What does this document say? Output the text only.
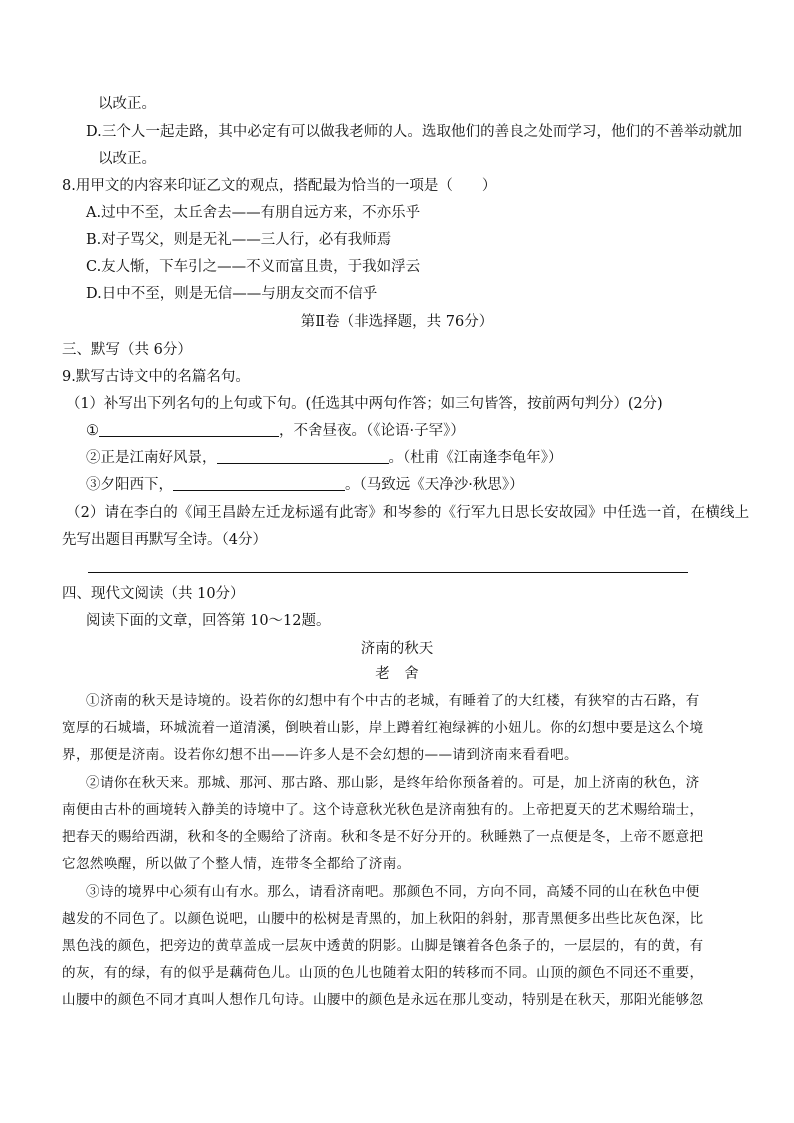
以改正。
D.三个人一起走路，其中必定有可以做我老师的人。选取他们的善良之处而学习，他们的不善举动就加
以改正。
8.用甲文的内容来印证乙文的观点，搭配最为恰当的一项是（　　）
A.过中不至，太丘舍去——有朋自远方来，不亦乐乎
B.对子骂父，则是无礼——三人行，必有我师焉
C.友人惭，下车引之——不义而富且贵，于我如浮云
D.日中不至，则是无信——与朋友交而不信乎
第Ⅱ卷（非选择题，共 76分）
三、默写（共 6分）
9.默写古诗文中的名篇名句。
（1）补写出下列名句的上句或下句。(任选其中两句作答；如三句皆答，按前两句判分）(2分)
①	，不舍昼夜。（《论语·子罕》）
②正是江南好风景，	。（杜甫《江南逢李龟年》）
③夕阳西下，	。（马致远《天净沙·秋思》）
（2）请在李白的《闻王昌龄左迁龙标遥有此寄》和岑参的《行军九日思长安故园》中任选一首，在横线上
先写出题目再默写全诗。（4分）
四、现代文阅读（共 10分）
阅读下面的文章，回答第 10～12题。
济南的秋天
老　舍
①济南的秋天是诗境的。设若你的幻想中有个中古的老城，有睡着了的大红楼，有狭窄的古石路，有
宽厚的石城墙，环城流着一道清溪，倒映着山影，岸上蹲着红袍绿裤的小妞儿。你的幻想中要是这么个境
界，那便是济南。设若你幻想不出——许多人是不会幻想的——请到济南来看看吧。
②请你在秋天来。那城、那河、那古路、那山影，是终年给你预备着的。可是，加上济南的秋色，济
南便由古朴的画境转入静美的诗境中了。这个诗意秋光秋色是济南独有的。上帝把夏天的艺术赐给瑞士，
把春天的赐给西湖，秋和冬的全赐给了济南。秋和冬是不好分开的。秋睡熟了一点便是冬，上帝不愿意把
它忽然唤醒，所以做了个整人情，连带冬全都给了济南。
③诗的境界中心须有山有水。那么，请看济南吧。那颜色不同，方向不同，高矮不同的山在秋色中便
越发的不同色了。以颜色说吧，山腰中的松树是青黑的，加上秋阳的斜射，那青黑便多出些比灰色深，比
黑色浅的颜色，把旁边的黄草盖成一层灰中透黄的阴影。山脚是镶着各色条子的，一层层的，有的黄，有
的灰，有的绿，有的似乎是藕荷色儿。山顶的色儿也随着太阳的转移而不同。山顶的颜色不同还不重要，
山腰中的颜色不同才真叫人想作几句诗。山腰中的颜色是永远在那儿变动，特别是在秋天，那阳光能够忽
